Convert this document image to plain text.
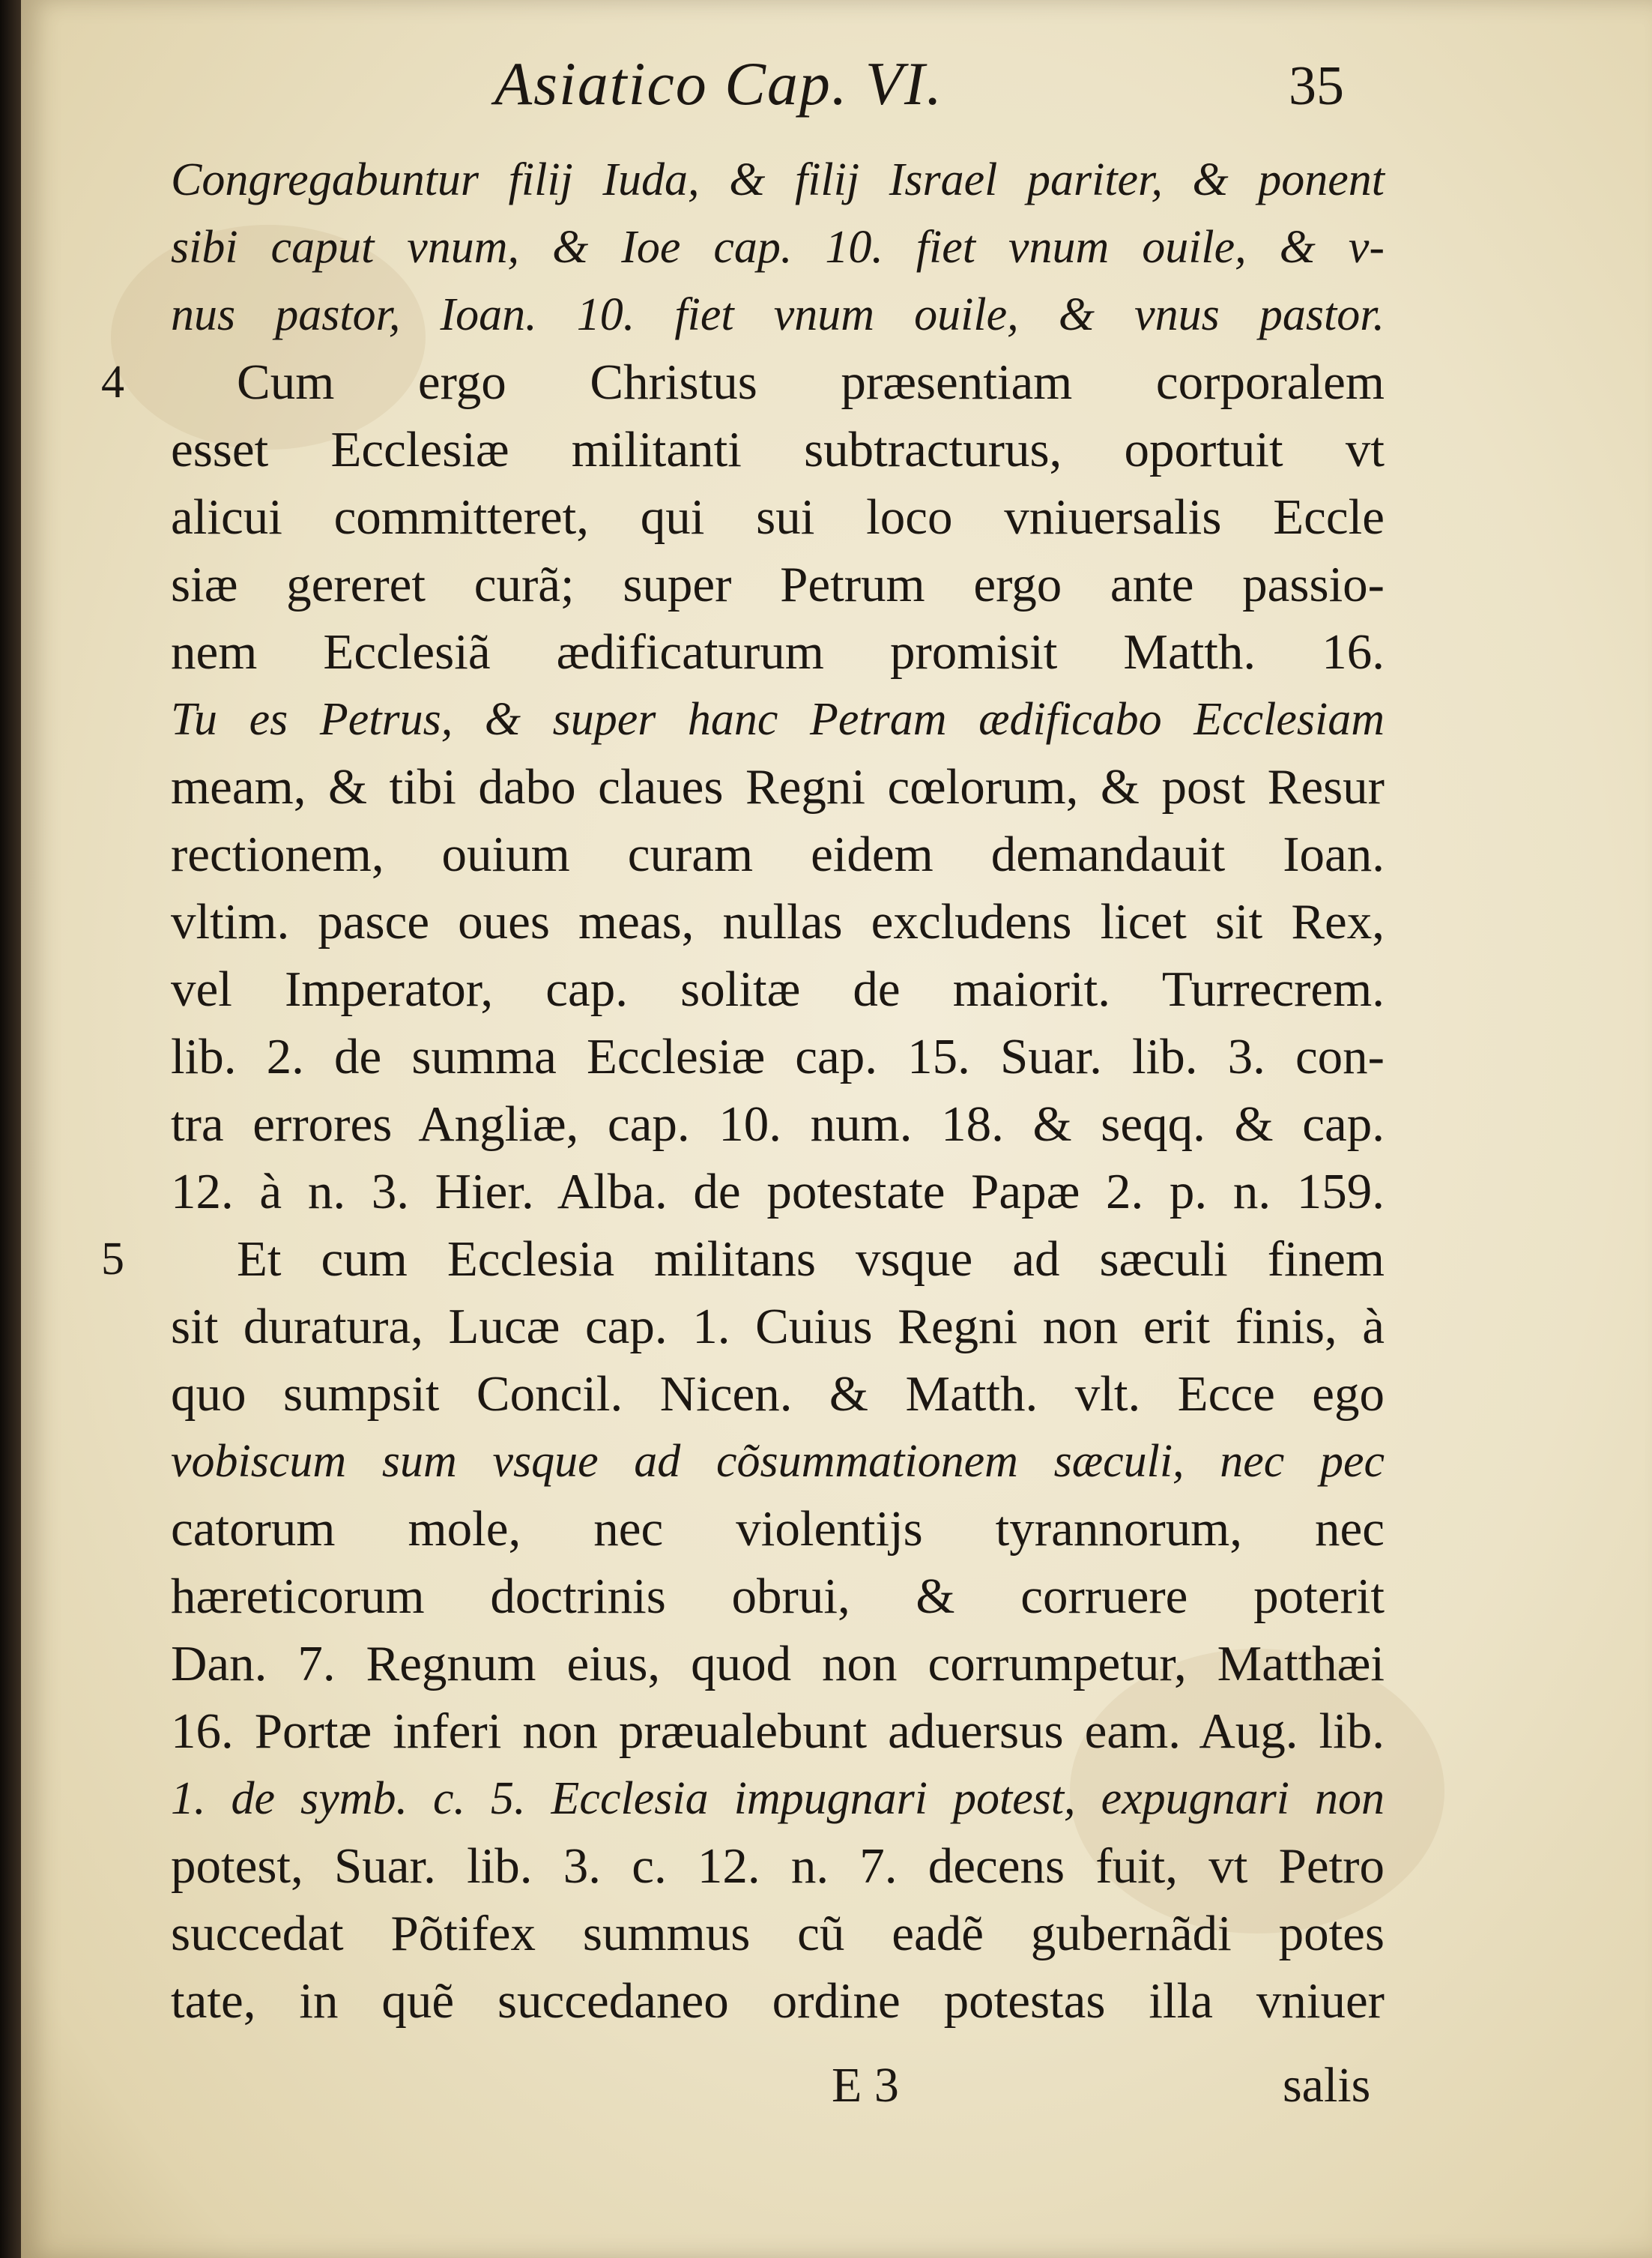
Asiatico Cap. VI.	35
4
5
Congregabuntur filij Iuda, & filij Israel pariter, & ponent
sibi caput vnum, & Ioe cap. 10. fiet vnum ouile, & v-
nus pastor, Ioan. 10. fiet vnum ouile, & vnus pastor.
Cum ergo Christus præsentiam corporalem
esset Ecclesiæ militanti subtracturus, oportuit vt
alicui committeret, qui sui loco vniuersalis Eccle
siæ gereret curã; super Petrum ergo ante passio-
nem Ecclesiã ædificaturum promisit Matth. 16.
Tu es Petrus, & super hanc Petram ædificabo Ecclesiam
meam, & tibi dabo claues Regni cœlorum, & post Resur
rectionem, ouium curam eidem demandauit Ioan.
vltim. pasce oues meas, nullas excludens licet sit Rex,
vel Imperator, cap. solitæ de maiorit. Turrecrem.
lib. 2. de summa Ecclesiæ cap. 15. Suar. lib. 3. con-
tra errores Angliæ, cap. 10. num. 18. & seqq. & cap.
12. à n. 3. Hier. Alba. de potestate Papæ 2. p. n. 159.
Et cum Ecclesia militans vsque ad sæculi finem
sit duratura, Lucæ cap. 1. Cuius Regni non erit finis, à
quo sumpsit Concil. Nicen. & Matth. vlt. Ecce ego
vobiscum sum vsque ad cõsummationem sæculi, nec pec
catorum mole, nec violentijs tyrannorum, nec
hæreticorum doctrinis obrui, & corruere poterit
Dan. 7. Regnum eius, quod non corrumpetur, Matthæi
16. Portæ inferi non præualebunt aduersus eam. Aug. lib.
1. de symb. c. 5. Ecclesia impugnari potest, expugnari non
potest, Suar. lib. 3. c. 12. n. 7. decens fuit, vt Petro
succedat Põtifex summus cũ eadẽ gubernãdi potes
tate, in quẽ succedaneo ordine potestas illa vniuer
E 3	salis
